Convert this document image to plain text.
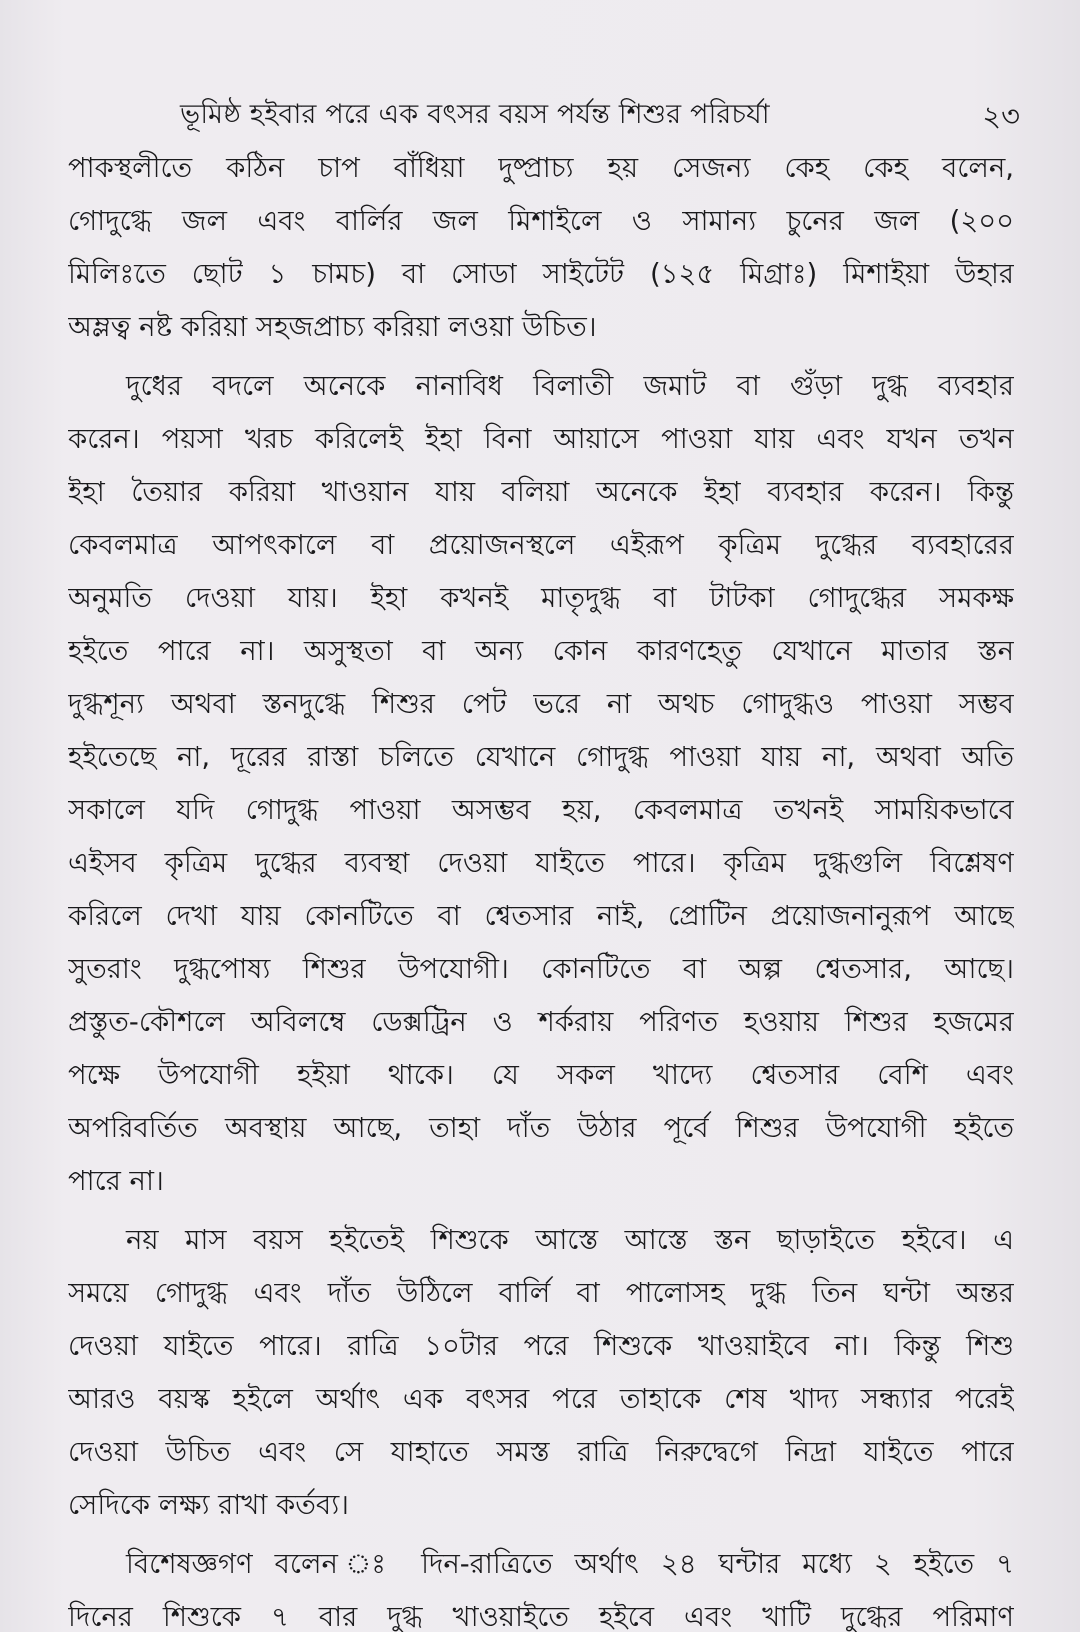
ভূমিষ্ঠ হইবার পরে এক বৎসর বয়স পর্যন্ত শিশুর পরিচর্যা	২৩
পাকস্থলীতে কঠিন চাপ বাঁধিয়া দুষ্প্রাচ্য হয় সেজন্য কেহ কেহ বলেন,
গোদুগ্ধে জল এবং বার্লির জল মিশাইলে ও সামান্য চুনের জল (২০০
মিলিঃতে ছোট ১ চামচ) বা সোডা সাইটেট (১২৫ মিগ্রাঃ) মিশাইয়া উহার
অম্লত্ব নষ্ট করিয়া সহজপ্রাচ্য করিয়া লওয়া উচিত।
দুধের বদলে অনেকে নানাবিধ বিলাতী জমাট বা গুঁড়া দুগ্ধ ব্যবহার
করেন। পয়সা খরচ করিলেই ইহা বিনা আয়াসে পাওয়া যায় এবং যখন তখন
ইহা তৈয়ার করিয়া খাওয়ান যায় বলিয়া অনেকে ইহা ব্যবহার করেন। কিন্তু
কেবলমাত্র আপৎকালে বা প্রয়োজনস্থলে এইরূপ কৃত্রিম দুগ্ধের ব্যবহারের
অনুমতি দেওয়া যায়। ইহা কখনই মাতৃদুগ্ধ বা টাটকা গোদুগ্ধের সমকক্ষ
হইতে পারে না। অসুস্থতা বা অন্য কোন কারণহেতু যেখানে মাতার স্তন
দুগ্ধশূন্য অথবা স্তনদুগ্ধে শিশুর পেট ভরে না অথচ গোদুগ্ধও পাওয়া সম্ভব
হইতেছে না, দূরের রাস্তা চলিতে যেখানে গোদুগ্ধ পাওয়া যায় না, অথবা অতি
সকালে যদি গোদুগ্ধ পাওয়া অসম্ভব হয়, কেবলমাত্র তখনই সাময়িকভাবে
এইসব কৃত্রিম দুগ্ধের ব্যবস্থা দেওয়া যাইতে পারে। কৃত্রিম দুগ্ধগুলি বিশ্লেষণ
করিলে দেখা যায় কোনটিতে বা শ্বেতসার নাই, প্রোটিন প্রয়োজনানুরূপ আছে
সুতরাং দুগ্ধপোষ্য শিশুর উপযোগী। কোনটিতে বা অল্প শ্বেতসার, আছে।
প্রস্তুত-কৌশলে অবিলম্বে ডেক্সট্রিন ও শর্করায় পরিণত হওয়ায় শিশুর হজমের
পক্ষে উপযোগী হইয়া থাকে। যে সকল খাদ্যে শ্বেতসার বেশি এবং
অপরিবর্তিত অবস্থায় আছে, তাহা দাঁত উঠার পূর্বে শিশুর উপযোগী হইতে
পারে না।
নয় মাস বয়স হইতেই শিশুকে আস্তে আস্তে স্তন ছাড়াইতে হইবে। এ
সময়ে গোদুগ্ধ এবং দাঁত উঠিলে বার্লি বা পালোসহ দুগ্ধ তিন ঘন্টা অন্তর
দেওয়া যাইতে পারে। রাত্রি ১০টার পরে শিশুকে খাওয়াইবে না। কিন্তু শিশু
আরও বয়স্ক হইলে অর্থাৎ এক বৎসর পরে তাহাকে শেষ খাদ্য সন্ধ্যার পরেই
দেওয়া উচিত এবং সে যাহাতে সমস্ত রাত্রি নিরুদ্বেগে নিদ্রা যাইতে পারে
সেদিকে লক্ষ্য রাখা কর্তব্য।
বিশেষজ্ঞগণ বলেন ঃ দিন-রাত্রিতে অর্থাৎ ২৪ ঘন্টার মধ্যে ২ হইতে ৭
দিনের শিশুকে ৭ বার দুগ্ধ খাওয়াইতে হইবে এবং খাটি দুগ্ধের পরিমাণ
